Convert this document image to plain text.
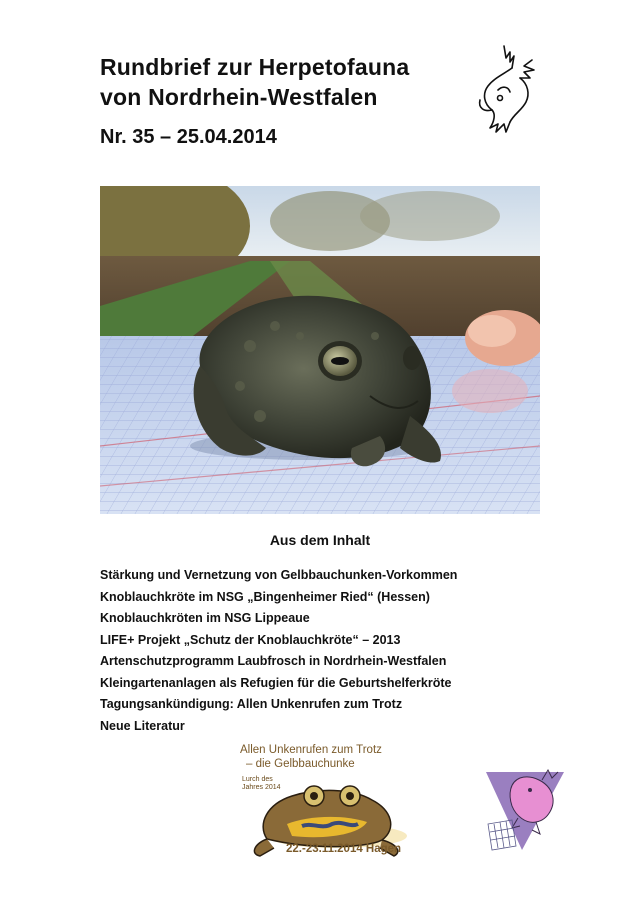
Rundbrief zur Herpetofauna
von Nordrhein-Westfalen
Nr. 35 – 25.04.2014
Aus dem Inhalt
Stärkung und Vernetzung von Gelbbauchunken-Vorkommen
Knoblauchkröte im NSG „Bingenheimer Ried“ (Hessen)
Knoblauchkröten im NSG Lippeaue
LIFE+ Projekt „Schutz der Knoblauchkröte“ – 2013
Artenschutzprogramm Laubfrosch in Nordrhein-Westfalen
Kleingartenanlagen als Refugien für die Geburtshelferkröte
Tagungsankündigung: Allen Unkenrufen zum Trotz
Neue Literatur
Allen Unkenrufen zum Trotz
– die Gelbbauchunke
Lurch des
Jahres 2014
22.-23.11.2014 Hagen
